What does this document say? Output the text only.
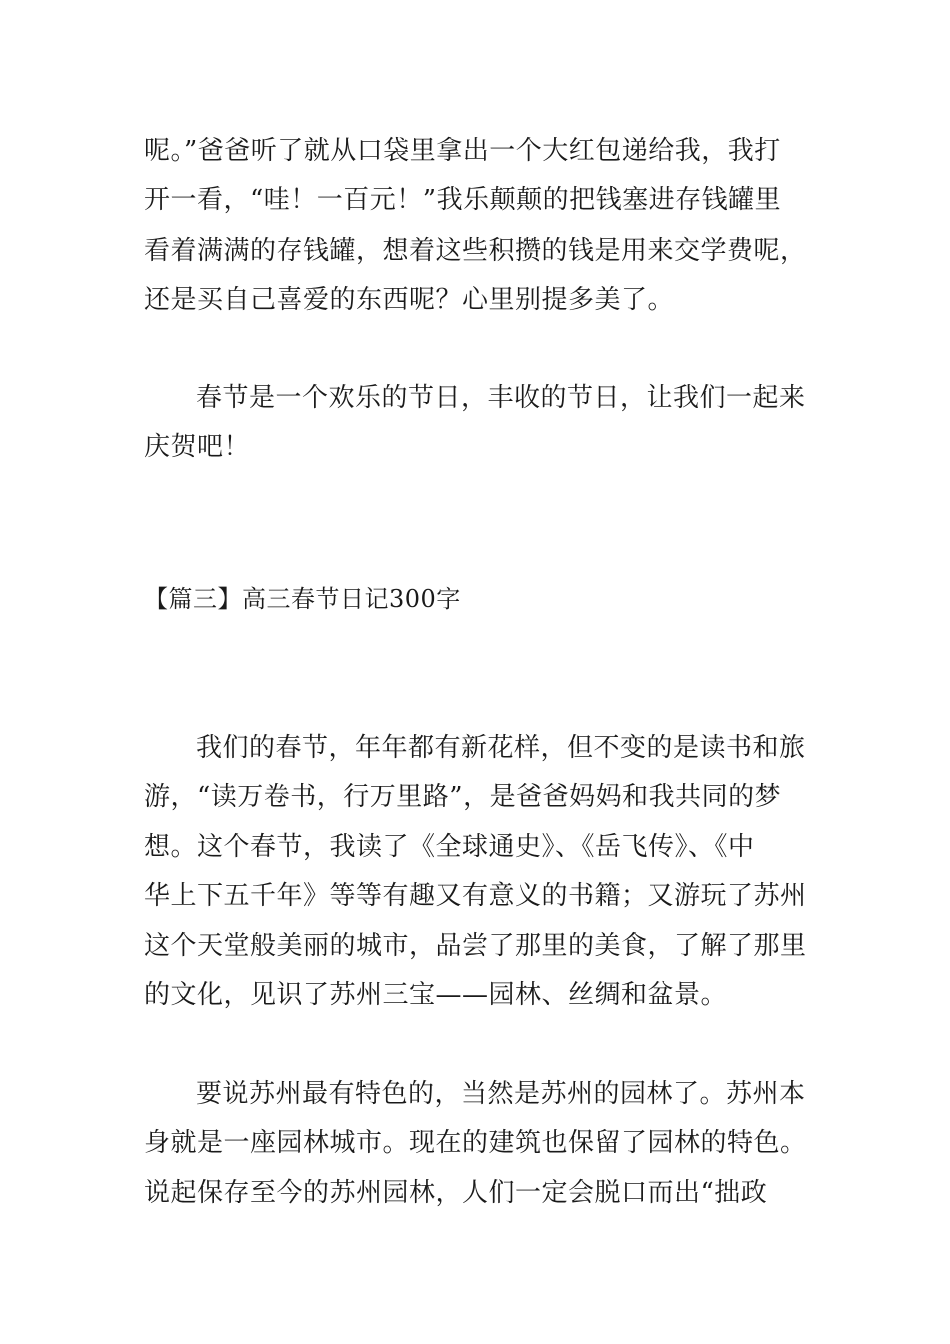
呢。”爸爸听了就从口袋里拿出一个大红包递给我，我打
开一看，“哇！一百元！”我乐颠颠的把钱塞进存钱罐里
看着满满的存钱罐，想着这些积攒的钱是用来交学费呢，
还是买自己喜爱的东西呢？心里别提多美了。
春节是一个欢乐的节日，丰收的节日，让我们一起来
庆贺吧！
【篇三】高三春节日记300字
我们的春节，年年都有新花样，但不变的是读书和旅
游，“读万卷书，行万里路”，是爸爸妈妈和我共同的梦
想。这个春节，我读了《全球通史》、《岳飞传》、《中
华上下五千年》等等有趣又有意义的书籍；又游玩了苏州
这个天堂般美丽的城市，品尝了那里的美食，了解了那里
的文化，见识了苏州三宝——园林、丝绸和盆景。
要说苏州最有特色的，当然是苏州的园林了。苏州本
身就是一座园林城市。现在的建筑也保留了园林的特色。
说起保存至今的苏州园林，人们一定会脱口而出“拙政
